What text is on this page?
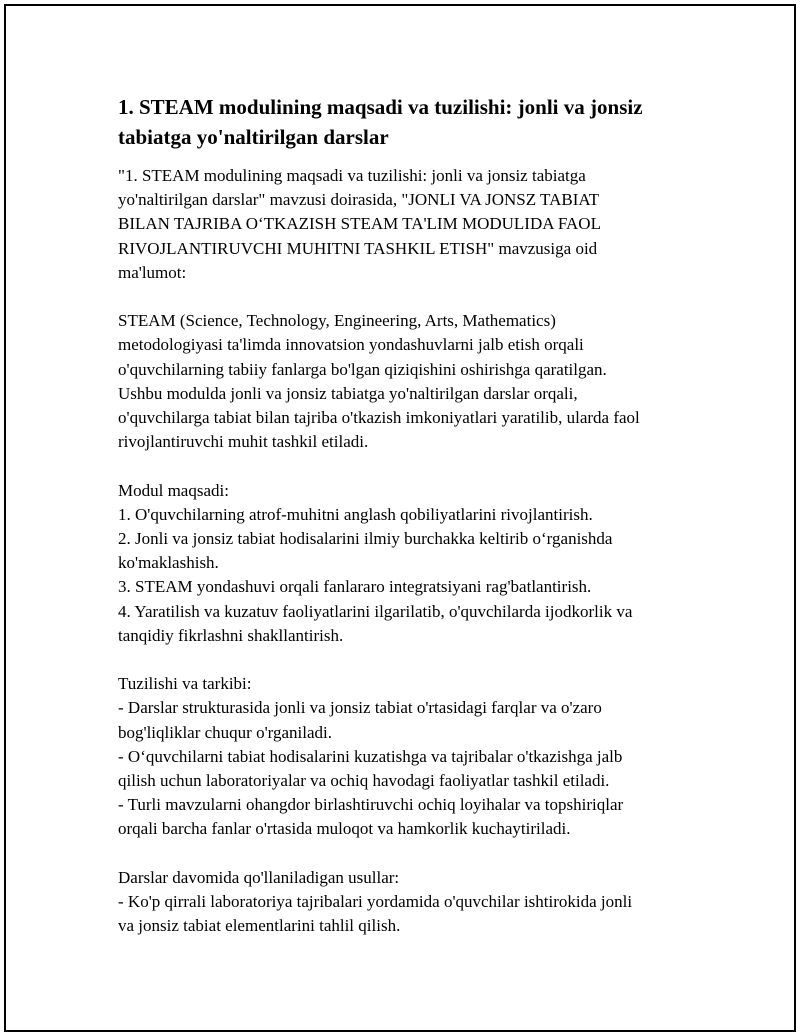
1. STEAM modulining maqsadi va tuzilishi: jonli va jonsiz
tabiatga yo'naltirilgan darslar
"1. STEAM modulining maqsadi va tuzilishi: jonli va jonsiz tabiatga
yo'naltirilgan darslar" mavzusi doirasida, "JONLI VA JONSZ TABIAT
BILAN TAJRIBA O‘TKAZISH STEAM TA'LIM MODULIDA FAOL
RIVOJLANTIRUVCHI MUHITNI TASHKIL ETISH" mavzusiga oid
ma'lumot:
STEAM (Science, Technology, Engineering, Arts, Mathematics)
metodologiyasi ta'limda innovatsion yondashuvlarni jalb etish orqali
o'quvchilarning tabiiy fanlarga bo'lgan qiziqishini oshirishga qaratilgan.
Ushbu modulda jonli va jonsiz tabiatga yo'naltirilgan darslar orqali,
o'quvchilarga tabiat bilan tajriba o'tkazish imkoniyatlari yaratilib, ularda faol
rivojlantiruvchi muhit tashkil etiladi.
Modul maqsadi:
1. O'quvchilarning atrof-muhitni anglash qobiliyatlarini rivojlantirish.
2. Jonli va jonsiz tabiat hodisalarini ilmiy burchakka keltirib o‘rganishda
ko'maklashish.
3. STEAM yondashuvi orqali fanlararo integratsiyani rag'batlantirish.
4. Yaratilish va kuzatuv faoliyatlarini ilgarilatib, o'quvchilarda ijodkorlik va
tanqidiy fikrlashni shakllantirish.
Tuzilishi va tarkibi:
- Darslar strukturasida jonli va jonsiz tabiat o'rtasidagi farqlar va o'zaro
bog'liqliklar chuqur o'rganiladi.
- O‘quvchilarni tabiat hodisalarini kuzatishga va tajribalar o'tkazishga jalb
qilish uchun laboratoriyalar va ochiq havodagi faoliyatlar tashkil etiladi.
- Turli mavzularni ohangdor birlashtiruvchi ochiq loyihalar va topshiriqlar
orqali barcha fanlar o'rtasida muloqot va hamkorlik kuchaytiriladi.
Darslar davomida qo'llaniladigan usullar:
- Ko'p qirrali laboratoriya tajribalari yordamida o'quvchilar ishtirokida jonli
va jonsiz tabiat elementlarini tahlil qilish.
